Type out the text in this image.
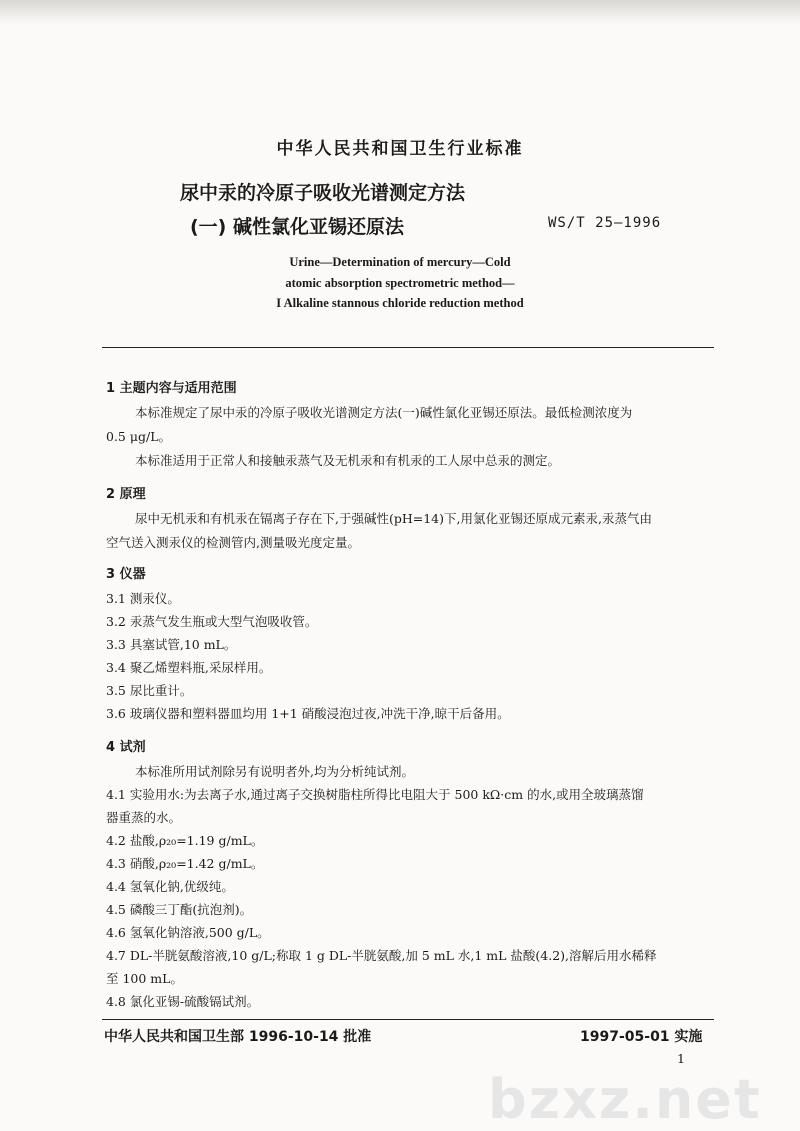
中华人民共和国卫生行业标准
尿中汞的冷原子吸收光谱测定方法
(一) 碱性氯化亚锡还原法	WS/T 25—1996
Urine—Determination of mercury—Cold
atomic absorption spectrometric method—
I Alkaline stannous chloride reduction method
1 主题内容与适用范围
本标准规定了尿中汞的冷原子吸收光谱测定方法(一)碱性氯化亚锡还原法。最低检测浓度为
0.5 μg/L。
本标准适用于正常人和接触汞蒸气及无机汞和有机汞的工人尿中总汞的测定。
2 原理
尿中无机汞和有机汞在镉离子存在下,于强碱性(pH=14)下,用氯化亚锡还原成元素汞,汞蒸气由
空气送入测汞仪的检测管内,测量吸光度定量。
3 仪器
3.1 测汞仪。
3.2 汞蒸气发生瓶或大型气泡吸收管。
3.3 具塞试管,10 mL。
3.4 聚乙烯塑料瓶,采尿样用。
3.5 尿比重计。
3.6 玻璃仪器和塑料器皿均用 1+1 硝酸浸泡过夜,冲洗干净,晾干后备用。
4 试剂
本标准所用试剂除另有说明者外,均为分析纯试剂。
4.1 实验用水:为去离子水,通过离子交换树脂柱所得比电阻大于 500 kΩ·cm 的水,或用全玻璃蒸馏
器重蒸的水。
4.2 盐酸,ρ₂₀=1.19 g/mL。
4.3 硝酸,ρ₂₀=1.42 g/mL。
4.4 氢氧化钠,优级纯。
4.5 磷酸三丁酯(抗泡剂)。
4.6 氢氧化钠溶液,500 g/L。
4.7 DL-半胱氨酸溶液,10 g/L;称取 1 g DL-半胱氨酸,加 5 mL 水,1 mL 盐酸(4.2),溶解后用水稀释
至 100 mL。
4.8 氯化亚锡-硫酸镉试剂。
中华人民共和国卫生部 1996-10-14 批准	1997-05-01 实施
1
bzxz.net
